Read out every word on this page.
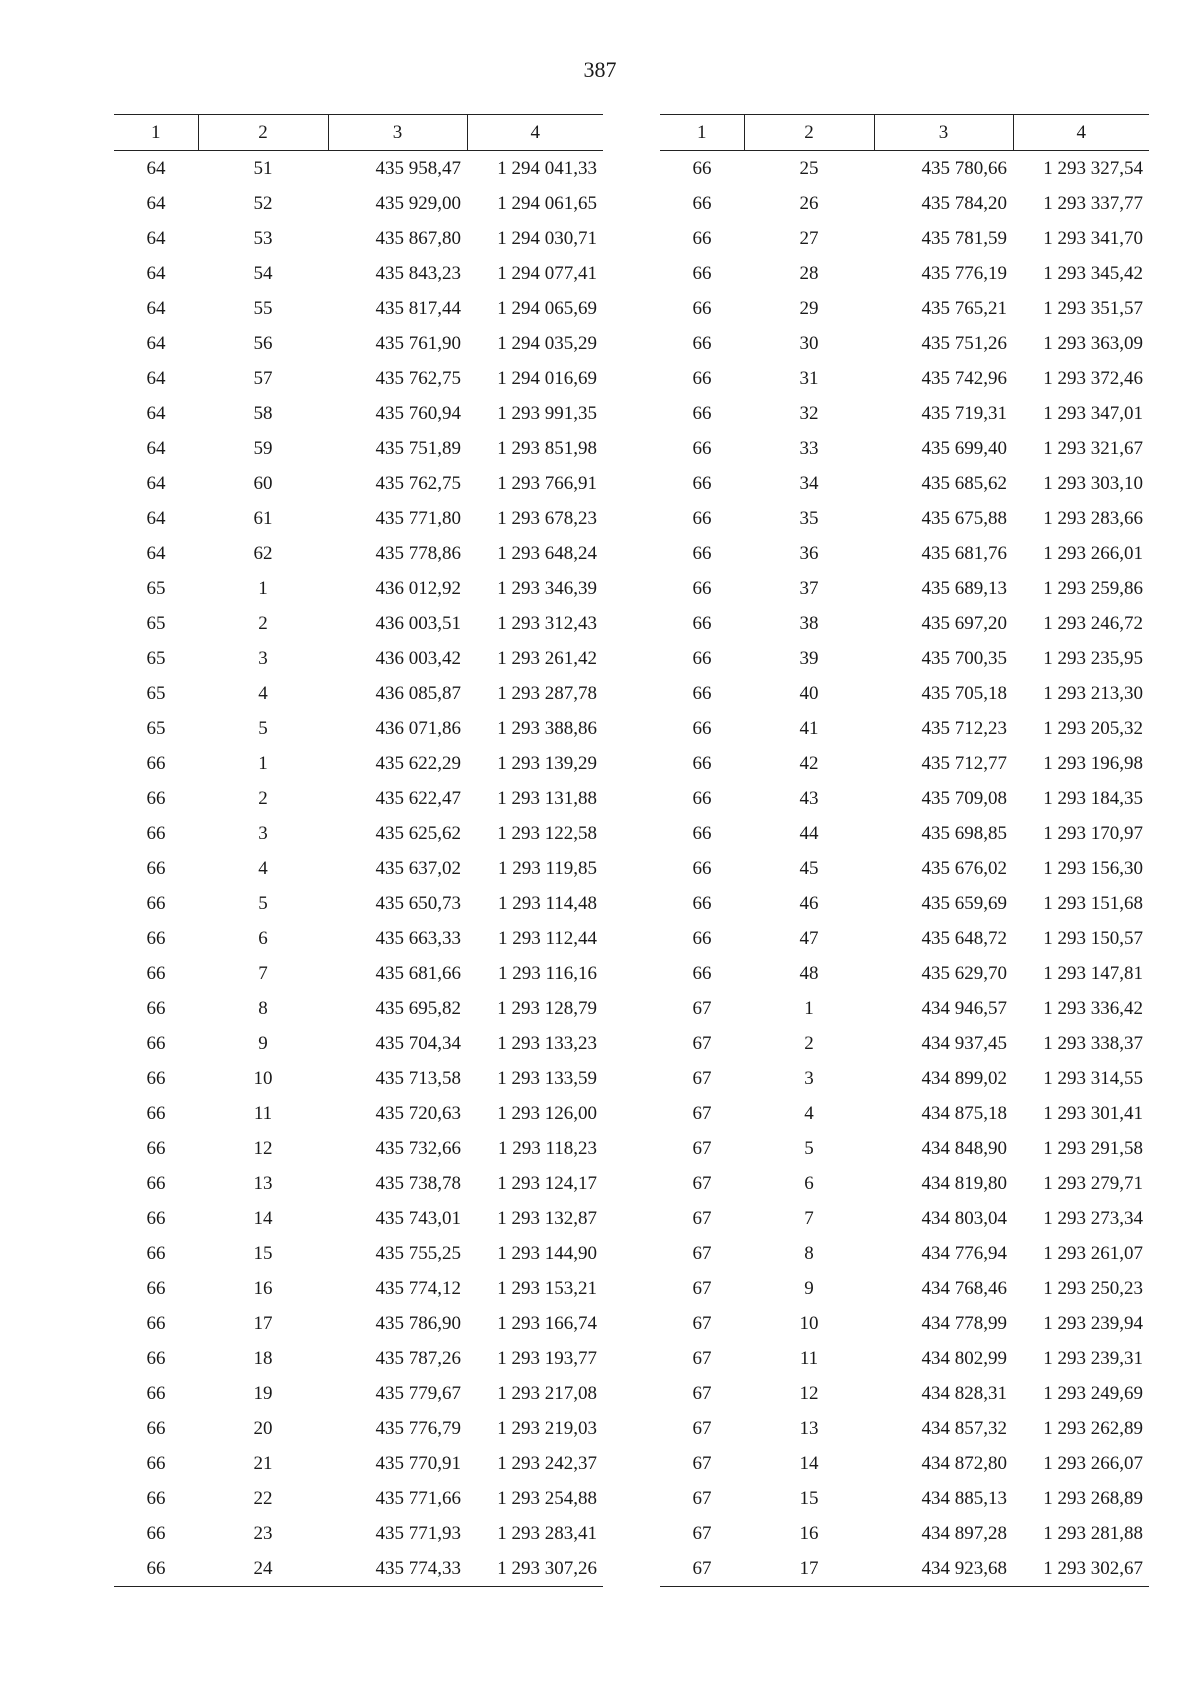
387
1	2	3	4
64	51	435 958,47	1 294 041,33
64	52	435 929,00	1 294 061,65
64	53	435 867,80	1 294 030,71
64	54	435 843,23	1 294 077,41
64	55	435 817,44	1 294 065,69
64	56	435 761,90	1 294 035,29
64	57	435 762,75	1 294 016,69
64	58	435 760,94	1 293 991,35
64	59	435 751,89	1 293 851,98
64	60	435 762,75	1 293 766,91
64	61	435 771,80	1 293 678,23
64	62	435 778,86	1 293 648,24
65	1	436 012,92	1 293 346,39
65	2	436 003,51	1 293 312,43
65	3	436 003,42	1 293 261,42
65	4	436 085,87	1 293 287,78
65	5	436 071,86	1 293 388,86
66	1	435 622,29	1 293 139,29
66	2	435 622,47	1 293 131,88
66	3	435 625,62	1 293 122,58
66	4	435 637,02	1 293 119,85
66	5	435 650,73	1 293 114,48
66	6	435 663,33	1 293 112,44
66	7	435 681,66	1 293 116,16
66	8	435 695,82	1 293 128,79
66	9	435 704,34	1 293 133,23
66	10	435 713,58	1 293 133,59
66	11	435 720,63	1 293 126,00
66	12	435 732,66	1 293 118,23
66	13	435 738,78	1 293 124,17
66	14	435 743,01	1 293 132,87
66	15	435 755,25	1 293 144,90
66	16	435 774,12	1 293 153,21
66	17	435 786,90	1 293 166,74
66	18	435 787,26	1 293 193,77
66	19	435 779,67	1 293 217,08
66	20	435 776,79	1 293 219,03
66	21	435 770,91	1 293 242,37
66	22	435 771,66	1 293 254,88
66	23	435 771,93	1 293 283,41
66	24	435 774,33	1 293 307,26
1	2	3	4
66	25	435 780,66	1 293 327,54
66	26	435 784,20	1 293 337,77
66	27	435 781,59	1 293 341,70
66	28	435 776,19	1 293 345,42
66	29	435 765,21	1 293 351,57
66	30	435 751,26	1 293 363,09
66	31	435 742,96	1 293 372,46
66	32	435 719,31	1 293 347,01
66	33	435 699,40	1 293 321,67
66	34	435 685,62	1 293 303,10
66	35	435 675,88	1 293 283,66
66	36	435 681,76	1 293 266,01
66	37	435 689,13	1 293 259,86
66	38	435 697,20	1 293 246,72
66	39	435 700,35	1 293 235,95
66	40	435 705,18	1 293 213,30
66	41	435 712,23	1 293 205,32
66	42	435 712,77	1 293 196,98
66	43	435 709,08	1 293 184,35
66	44	435 698,85	1 293 170,97
66	45	435 676,02	1 293 156,30
66	46	435 659,69	1 293 151,68
66	47	435 648,72	1 293 150,57
66	48	435 629,70	1 293 147,81
67	1	434 946,57	1 293 336,42
67	2	434 937,45	1 293 338,37
67	3	434 899,02	1 293 314,55
67	4	434 875,18	1 293 301,41
67	5	434 848,90	1 293 291,58
67	6	434 819,80	1 293 279,71
67	7	434 803,04	1 293 273,34
67	8	434 776,94	1 293 261,07
67	9	434 768,46	1 293 250,23
67	10	434 778,99	1 293 239,94
67	11	434 802,99	1 293 239,31
67	12	434 828,31	1 293 249,69
67	13	434 857,32	1 293 262,89
67	14	434 872,80	1 293 266,07
67	15	434 885,13	1 293 268,89
67	16	434 897,28	1 293 281,88
67	17	434 923,68	1 293 302,67
